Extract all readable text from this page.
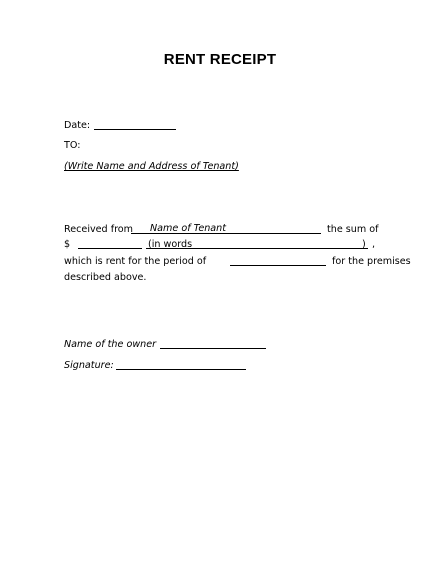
RENT RECEIPT
Date:
TO:
(Write Name and Address of Tenant)
Received from Name of Tenant	the sum of
$	(in words	) ,
which is rent for the period of	for the premises
described above.
Name of the owner
Signature:
